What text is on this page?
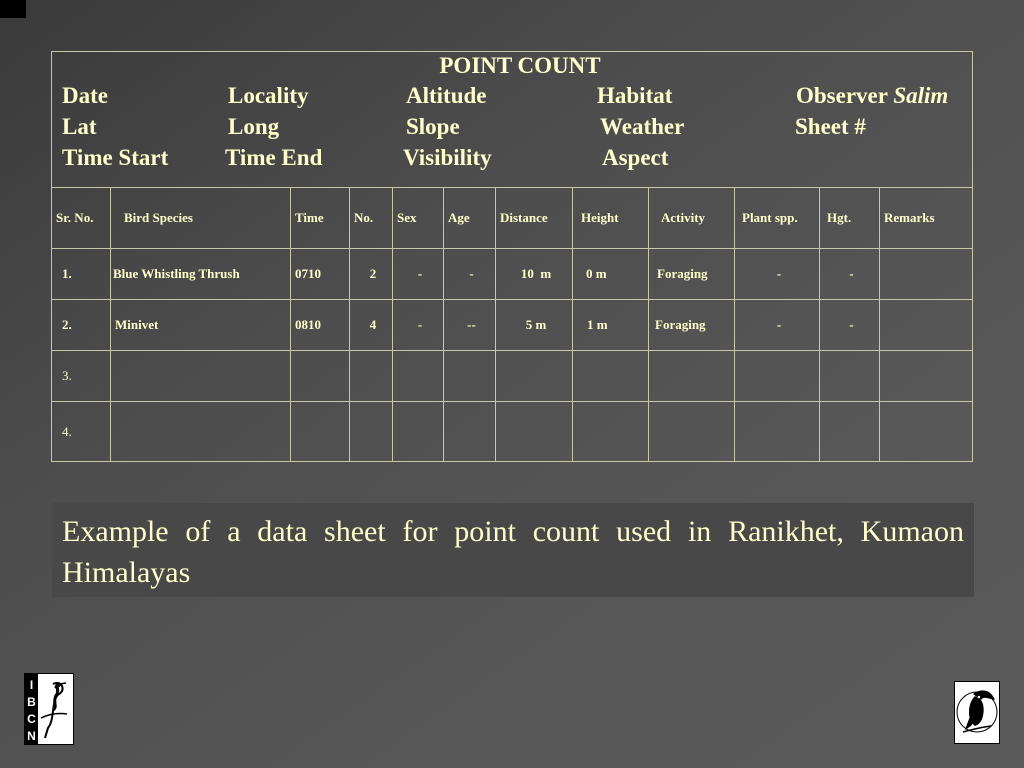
POINT COUNT
Date	Locality	Altitude	Habitat	Observer Salim
Lat	Long	Slope	Weather	Sheet #
Time Start Time End	Visibility	Aspect
Sr. No.	Bird Species	Time	No.	Sex	Age	Distance	Height	Activity	Plant spp.	Hgt.	Remarks
1.	Blue Whistling Thrush	0710	2	-	-	10  m	0 m	Foraging	-	-	
2.	Minivet	0810	4	-	--	5 m	1 m	Foraging	-	-	
3.											
4.											
Example of a data sheet for point count used in Ranikhet, Kumaon Himalayas
I
B
C
N
